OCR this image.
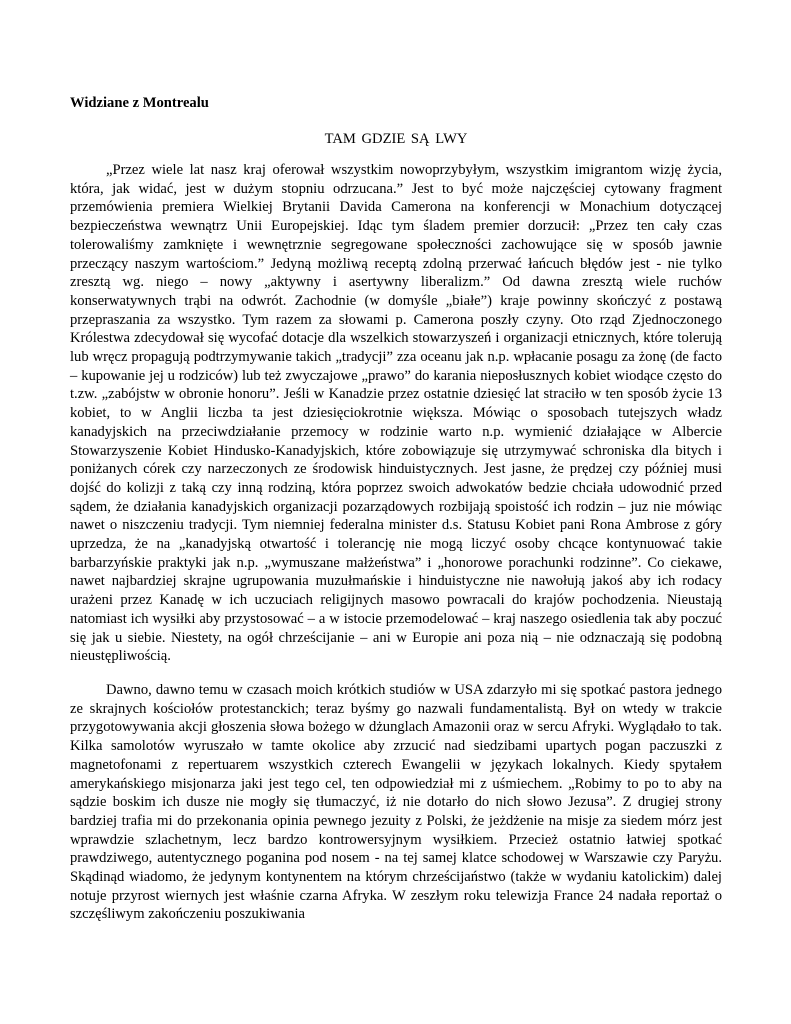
Widziane z Montrealu
TAM GDZIE SĄ LWY

„Przez wiele lat nasz kraj oferował wszystkim nowoprzybyłym, wszystkim imigrantom wizję życia, która, jak widać, jest w dużym stopniu odrzucana.” Jest to być może najczęściej cytowany fragment przemówienia premiera Wielkiej Brytanii Davida Camerona na konferencji w Monachium dotyczącej bezpieczeństwa wewnątrz Unii Europejskiej. Idąc tym śladem premier dorzucił: „Przez ten cały czas tolerowaliśmy zamknięte i wewnętrznie segregowane społeczności zachowujące się w sposób jawnie przeczący naszym wartościom.” Jedyną możliwą receptą zdolną przerwać łańcuch błędów jest - nie tylko zresztą wg. niego – nowy „aktywny i asertywny liberalizm.” Od dawna zresztą wiele ruchów konserwatywnych trąbi na odwrót. Zachodnie (w domyśle „białe”) kraje powinny skończyć z postawą przepraszania za wszystko. Tym razem za słowami p. Camerona poszły czyny. Oto rząd Zjednoczonego Królestwa zdecydował się wycofać dotacje dla wszelkich stowarzyszeń i organizacji etnicznych, które tolerują lub wręcz propagują podtrzymywanie takich „tradycji” zza oceanu jak n.p. wpłacanie posagu za żonę (de facto – kupowanie jej u rodziców) lub też zwyczajowe „prawo” do karania nieposłusznych kobiet wiodące często do t.zw. „zabójstw w obronie honoru”. Jeśli w Kanadzie przez ostatnie dziesięć lat straciło w ten sposób życie 13 kobiet, to w Anglii liczba ta jest dziesięciokrotnie większa. Mówiąc o sposobach tutejszych władz kanadyjskich na przeciwdziałanie przemocy w rodzinie warto n.p. wymienić działające w Albercie Stowarzyszenie Kobiet Hindusko-Kanadyjskich, które zobowiązuje się utrzymywać schroniska dla bitych i poniżanych córek czy narzeczonych ze środowisk hinduistycznych. Jest jasne, że prędzej czy później musi dojść do kolizji z taką czy inną rodziną, która poprzez swoich adwokatów bedzie chciała udowodnić przed sądem, że działania kanadyjskich organizacji pozarządowych rozbijają spoistość ich rodzin – juz nie mówiąc nawet o niszczeniu tradycji. Tym niemniej federalna minister d.s. Statusu Kobiet pani Rona Ambrose z góry uprzedza, że na „kanadyjską otwartość i tolerancję nie mogą liczyć osoby chcące kontynuować takie barbarzyńskie praktyki jak n.p. „wymuszane małżeństwa” i „honorowe porachunki rodzinne”. Co ciekawe, nawet najbardziej skrajne ugrupowania muzułmańskie i hinduistyczne nie nawołują jakoś aby ich rodacy urażeni przez Kanadę w ich uczuciach religijnych masowo powracali do krajów pochodzenia. Nieustają natomiast ich wysiłki aby przystosować – a w istocie przemodelować – kraj naszego osiedlenia tak aby poczuć się jak u siebie. Niestety, na ogół chrześcijanie – ani w Europie ani poza nią – nie odznaczają się podobną nieustępliwością.

Dawno, dawno temu w czasach moich krótkich studiów w USA zdarzyło mi się spotkać pastora jednego ze skrajnych kościołów protestanckich; teraz byśmy go nazwali fundamentalistą. Był on wtedy w trakcie przygotowywania akcji głoszenia słowa bożego w dżunglach Amazonii oraz w sercu Afryki. Wyglądało to tak. Kilka samolotów wyruszało w tamte okolice aby zrzucić nad siedzibami upartych pogan paczuszki z magnetofonami z repertuarem wszystkich czterech Ewangelii w językach lokalnych. Kiedy spytałem amerykańskiego misjonarza jaki jest tego cel, ten odpowiedział mi z uśmiechem. „Robimy to po to aby na sądzie boskim ich dusze nie mogły się tłumaczyć, iż nie dotarło do nich słowo Jezusa”. Z drugiej strony bardziej trafia mi do przekonania opinia pewnego jezuity z Polski, że jeżdżenie na misje za siedem mórz jest wprawdzie szlachetnym, lecz bardzo kontrowersyjnym wysiłkiem. Przecież ostatnio łatwiej spotkać prawdziwego, autentycznego poganina pod nosem - na tej samej klatce schodowej w Warszawie czy Paryżu. Skądinąd wiadomo, że jedynym kontynentem na którym chrześcijaństwo (także w wydaniu katolickim) dalej notuje przyrost wiernych jest właśnie czarna Afryka. W zeszłym roku telewizja France 24 nadała reportaż o szczęśliwym zakończeniu poszukiwania
